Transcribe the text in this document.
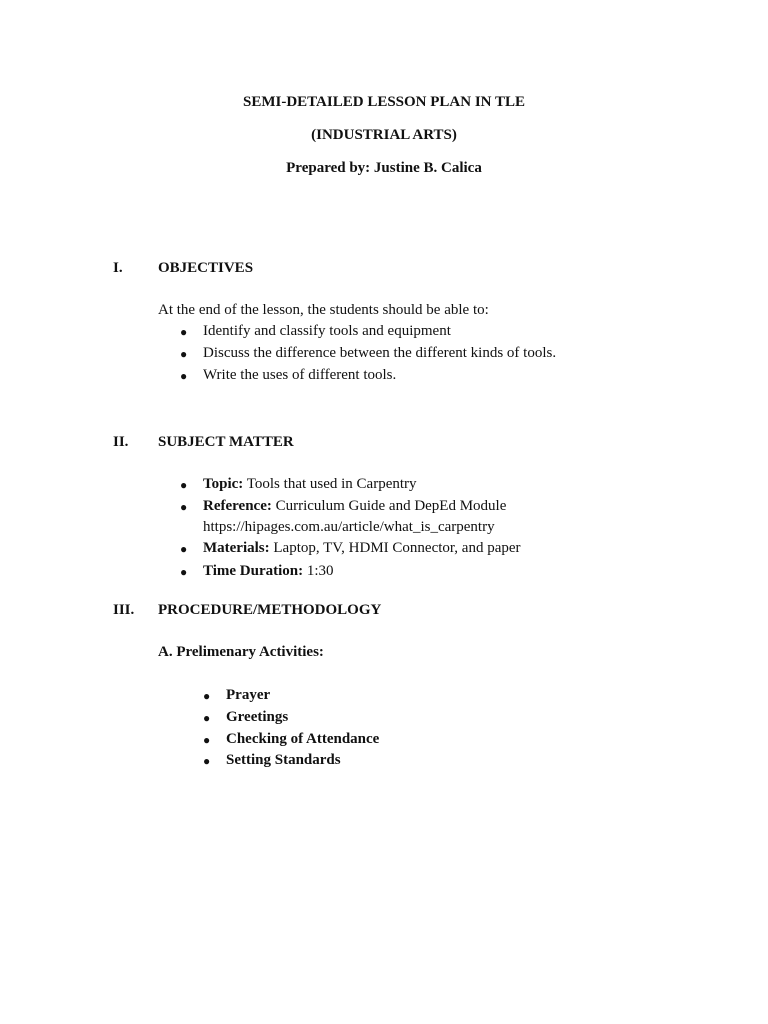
SEMI-DETAILED LESSON PLAN IN TLE
(INDUSTRIAL ARTS)
Prepared by: Justine B. Calica
I. OBJECTIVES
At the end of the lesson, the students should be able to:
● Identify and classify tools and equipment
● Discuss the difference between the different kinds of tools.
● Write the uses of different tools.
II. SUBJECT MATTER
● Topic: Tools that used in Carpentry
● Reference: Curriculum Guide and DepEd Module
https://hipages.com.au/article/what_is_carpentry
● Materials: Laptop, TV, HDMI Connector, and paper
● Time Duration: 1:30
III. PROCEDURE/METHODOLOGY
A. Prelimenary Activities:
● Prayer
● Greetings
● Checking of Attendance
● Setting Standards
